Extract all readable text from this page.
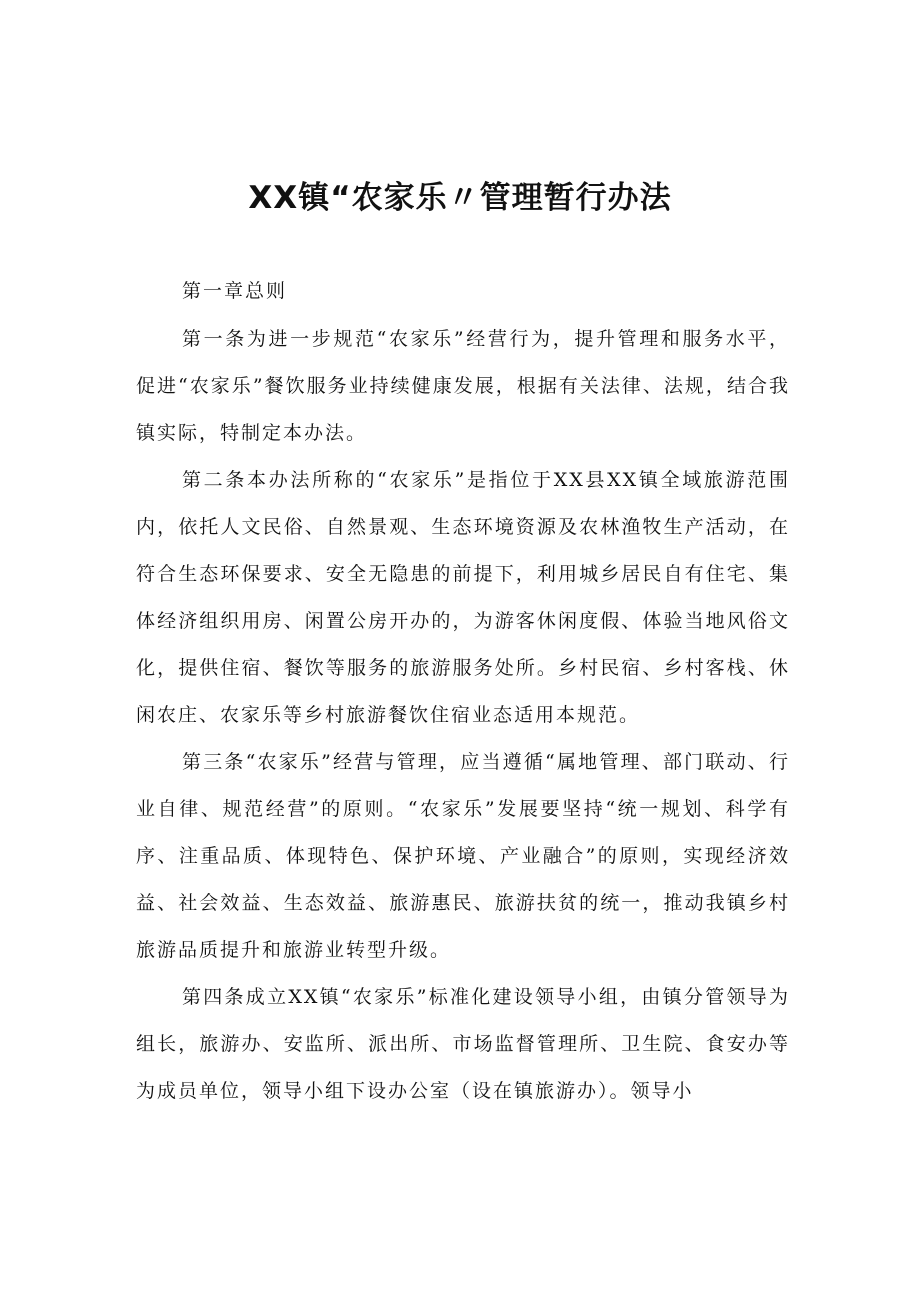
XX镇“农家乐〃管理暂行办法

第一章总则

第一条为进一步规范“农家乐”经营行为，提升管理和服务水平，促进“农家乐”餐饮服务业持续健康发展，根据有关法律、法规，结合我镇实际，特制定本办法。

第二条本办法所称的“农家乐”是指位于XX县XX镇全域旅游范围内，依托人文民俗、自然景观、生态环境资源及农林渔牧生产活动，在符合生态环保要求、安全无隐患的前提下，利用城乡居民自有住宅、集体经济组织用房、闲置公房开办的，为游客休闲度假、体验当地风俗文化，提供住宿、餐饮等服务的旅游服务处所。乡村民宿、乡村客栈、休闲农庄、农家乐等乡村旅游餐饮住宿业态适用本规范。

第三条“农家乐”经营与管理，应当遵循“属地管理、部门联动、行业自律、规范经营”的原则。“农家乐”发展要坚持“统一规划、科学有序、注重品质、体现特色、保护环境、产业融合”的原则，实现经济效益、社会效益、生态效益、旅游惠民、旅游扶贫的统一，推动我镇乡村旅游品质提升和旅游业转型升级。

第四条成立XX镇“农家乐”标准化建设领导小组，由镇分管领导为组长，旅游办、安监所、派出所、市场监督管理所、卫生院、食安办等为成员单位，领导小组下设办公室（设在镇旅游办）。领导小
